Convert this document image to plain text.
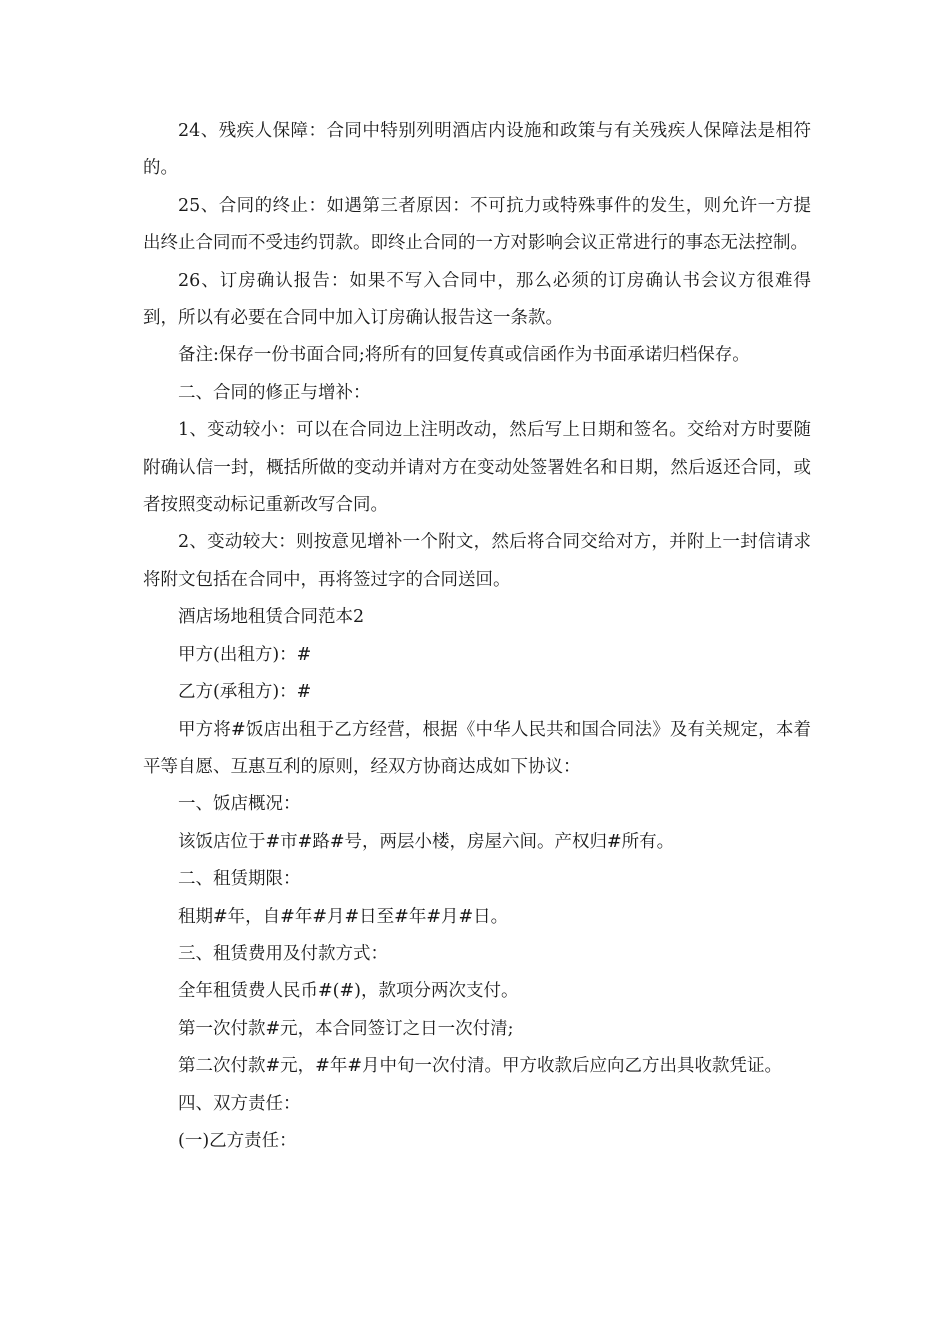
24、残疾人保障：合同中特别列明酒店内设施和政策与有关残疾人保障法是相符的。

25、合同的终止：如遇第三者原因：不可抗力或特殊事件的发生，则允许一方提出终止合同而不受违约罚款。即终止合同的一方对影响会议正常进行的事态无法控制。

26、订房确认报告：如果不写入合同中，那么必须的订房确认书会议方很难得到，所以有必要在合同中加入订房确认报告这一条款。

备注:保存一份书面合同;将所有的回复传真或信函作为书面承诺归档保存。

二、合同的修正与增补：

1、变动较小：可以在合同边上注明改动，然后写上日期和签名。交给对方时要随附确认信一封，概括所做的变动并请对方在变动处签署姓名和日期，然后返还合同，或者按照变动标记重新改写合同。

2、变动较大：则按意见增补一个附文，然后将合同交给对方，并附上一封信请求将附文包括在合同中，再将签过字的合同送回。

酒店场地租赁合同范本2

甲方(出租方)：#

乙方(承租方)：#

甲方将#饭店出租于乙方经营，根据《中华人民共和国合同法》及有关规定，本着平等自愿、互惠互利的原则，经双方协商达成如下协议：

一、饭店概况：

该饭店位于#市#路#号，两层小楼，房屋六间。产权归#所有。

二、租赁期限：

租期#年，自#年#月#日至#年#月#日。

三、租赁费用及付款方式：

全年租赁费人民币#(#)，款项分两次支付。

第一次付款#元，本合同签订之日一次付清;

第二次付款#元，#年#月中旬一次付清。甲方收款后应向乙方出具收款凭证。

四、双方责任：

(一)乙方责任：
